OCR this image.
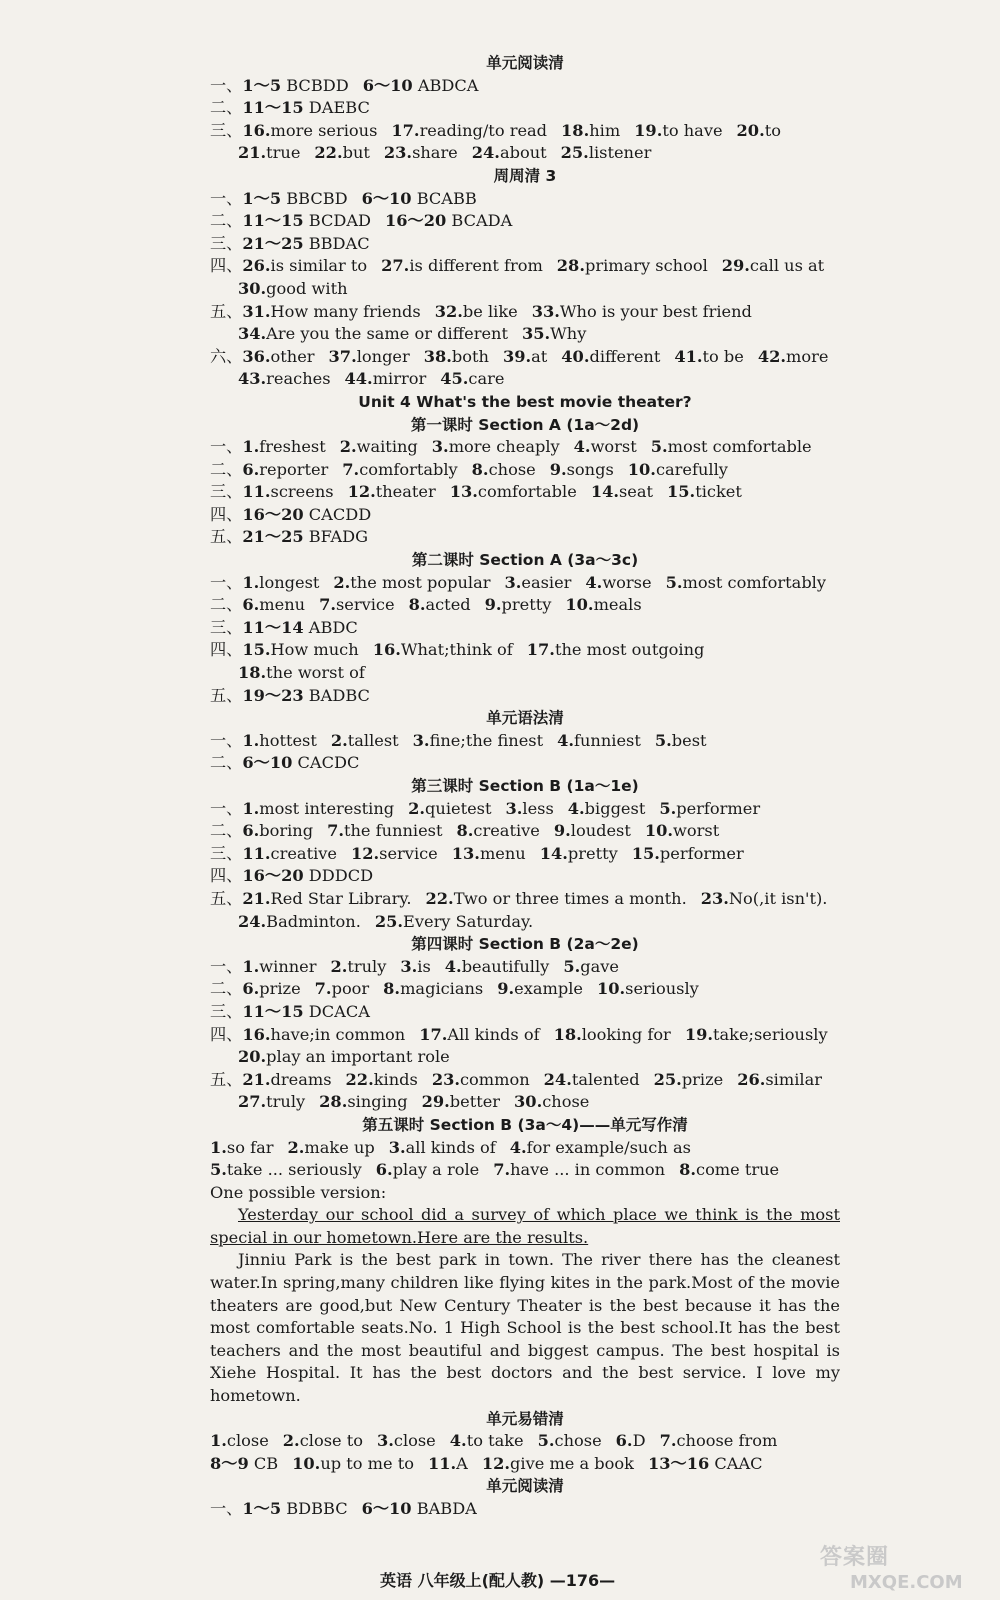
单元阅读清
一、1～5 BCBDD 6～10 ABDCA
二、11～15 DAEBC
三、16.more serious 17.reading/to read 18.him 19.to have 20.to
21.true 22.but 23.share 24.about 25.listener
周周清 3
一、1～5 BBCBD 6～10 BCABB
二、11～15 BCDAD 16～20 BCADA
三、21～25 BBDAC
四、26.is similar to 27.is different from 28.primary school 29.call us at
30.good with
五、31.How many friends 32.be like 33.Who is your best friend
34.Are you the same or different 35.Why
六、36.other 37.longer 38.both 39.at 40.different 41.to be 42.more
43.reaches 44.mirror 45.care
Unit 4 What's the best movie theater?
第一课时 Section A (1a～2d)
一、1.freshest 2.waiting 3.more cheaply 4.worst 5.most comfortable
二、6.reporter 7.comfortably 8.chose 9.songs 10.carefully
三、11.screens 12.theater 13.comfortable 14.seat 15.ticket
四、16～20 CACDD
五、21～25 BFADG
第二课时 Section A (3a～3c)
一、1.longest 2.the most popular 3.easier 4.worse 5.most comfortably
二、6.menu 7.service 8.acted 9.pretty 10.meals
三、11～14 ABDC
四、15.How much 16.What;think of 17.the most outgoing
18.the worst of
五、19～23 BADBC
单元语法清
一、1.hottest 2.tallest 3.fine;the finest 4.funniest 5.best
二、6～10 CACDC
第三课时 Section B (1a～1e)
一、1.most interesting 2.quietest 3.less 4.biggest 5.performer
二、6.boring 7.the funniest 8.creative 9.loudest 10.worst
三、11.creative 12.service 13.menu 14.pretty 15.performer
四、16～20 DDDCD
五、21.Red Star Library. 22.Two or three times a month. 23.No(,it isn't).
24.Badminton. 25.Every Saturday.
第四课时 Section B (2a～2e)
一、1.winner 2.truly 3.is 4.beautifully 5.gave
二、6.prize 7.poor 8.magicians 9.example 10.seriously
三、11～15 DCACA
四、16.have;in common 17.All kinds of 18.looking for 19.take;seriously
20.play an important role
五、21.dreams 22.kinds 23.common 24.talented 25.prize 26.similar
27.truly 28.singing 29.better 30.chose
第五课时 Section B (3a～4)——单元写作清
1.so far 2.make up 3.all kinds of 4.for example/such as
5.take ... seriously 6.play a role 7.have ... in common 8.come true
One possible version:
Yesterday our school did a survey of which place we think is the most special in our hometown.Here are the results.
Jinniu Park is the best park in town. The river there has the cleanest water.In spring,many children like flying kites in the park.Most of the movie theaters are good,but New Century Theater is the best because it has the most comfortable seats.No. 1 High School is the best school.It has the best teachers and the most beautiful and biggest campus. The best hospital is Xiehe Hospital. It has the best doctors and the best service. I love my hometown.
单元易错清
1.close 2.close to 3.close 4.to take 5.chose 6.D 7.choose from
8～9 CB 10.up to me to 11.A 12.give me a book 13～16 CAAC
单元阅读清
一、1～5 BDBBC 6～10 BABDA
英语 八年级上(配人教) —176—
答案圈
MXQE.COM
